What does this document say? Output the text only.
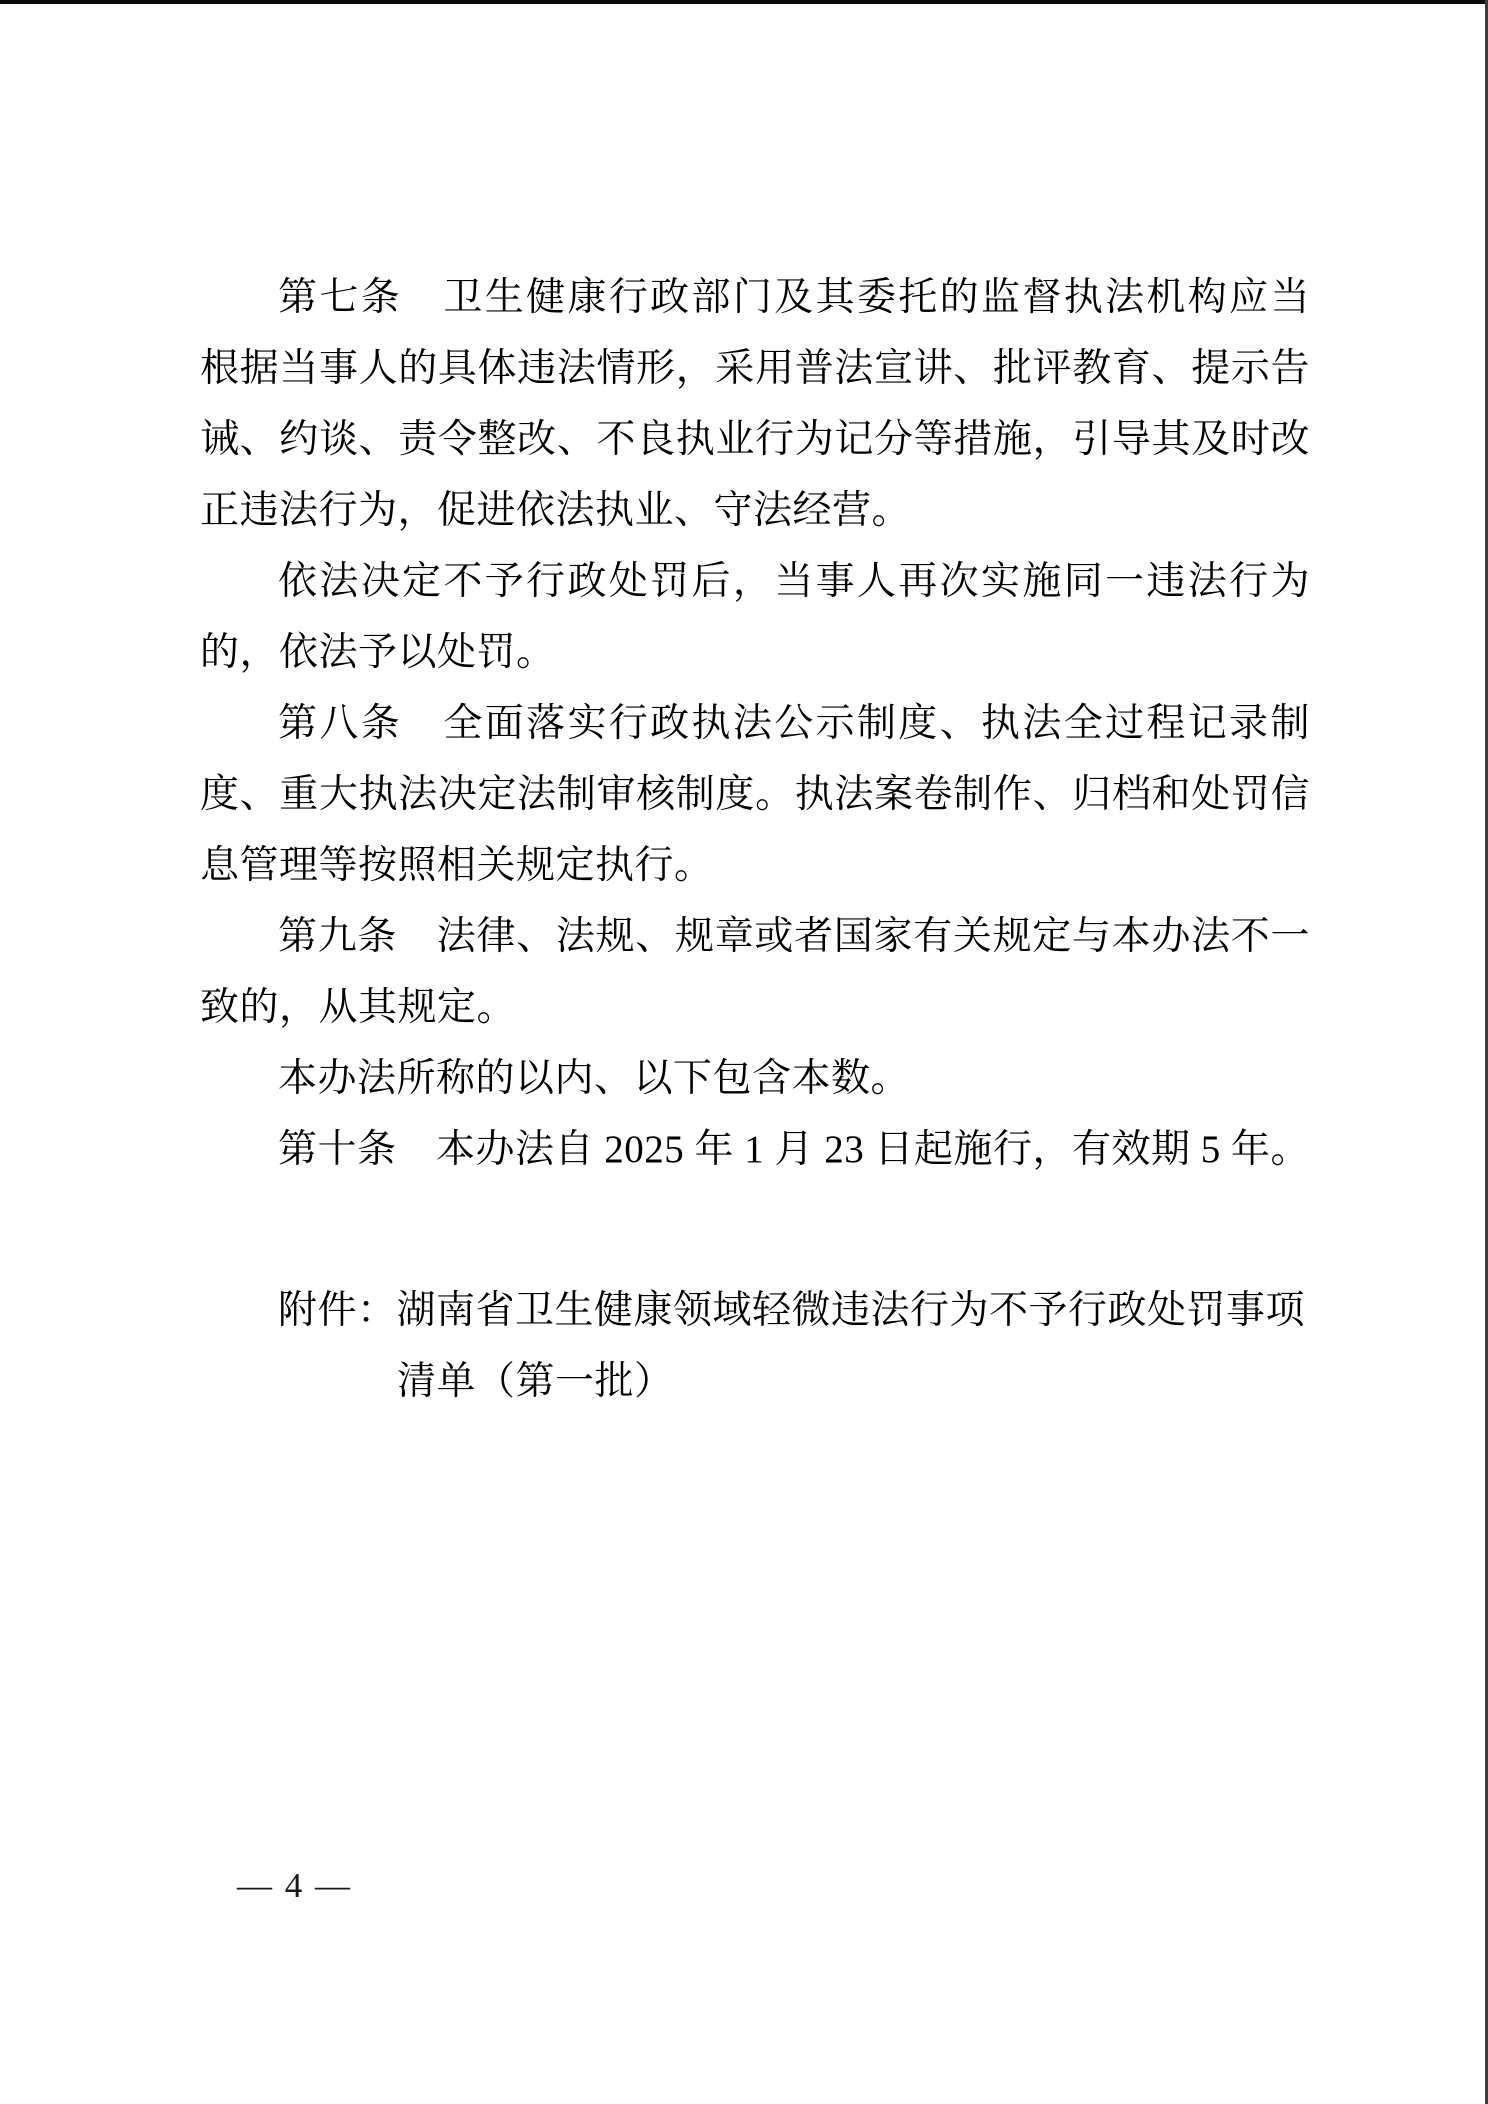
第七条　卫生健康行政部门及其委托的监督执法机构应当
根据当事人的具体违法情形，采用普法宣讲、批评教育、提示告
诫、约谈、责令整改、不良执业行为记分等措施，引导其及时改
正违法行为，促进依法执业、守法经营。
依法决定不予行政处罚后，当事人再次实施同一违法行为
的，依法予以处罚。
第八条　全面落实行政执法公示制度、执法全过程记录制
度、重大执法决定法制审核制度。执法案卷制作、归档和处罚信
息管理等按照相关规定执行。
第九条　法律、法规、规章或者国家有关规定与本办法不一
致的，从其规定。
本办法所称的以内、以下包含本数。
第十条　本办法自 2025 年 1 月 23 日起施行，有效期 5 年。
附件：湖南省卫生健康领域轻微违法行为不予行政处罚事项
清单（第一批）
— 4 —
